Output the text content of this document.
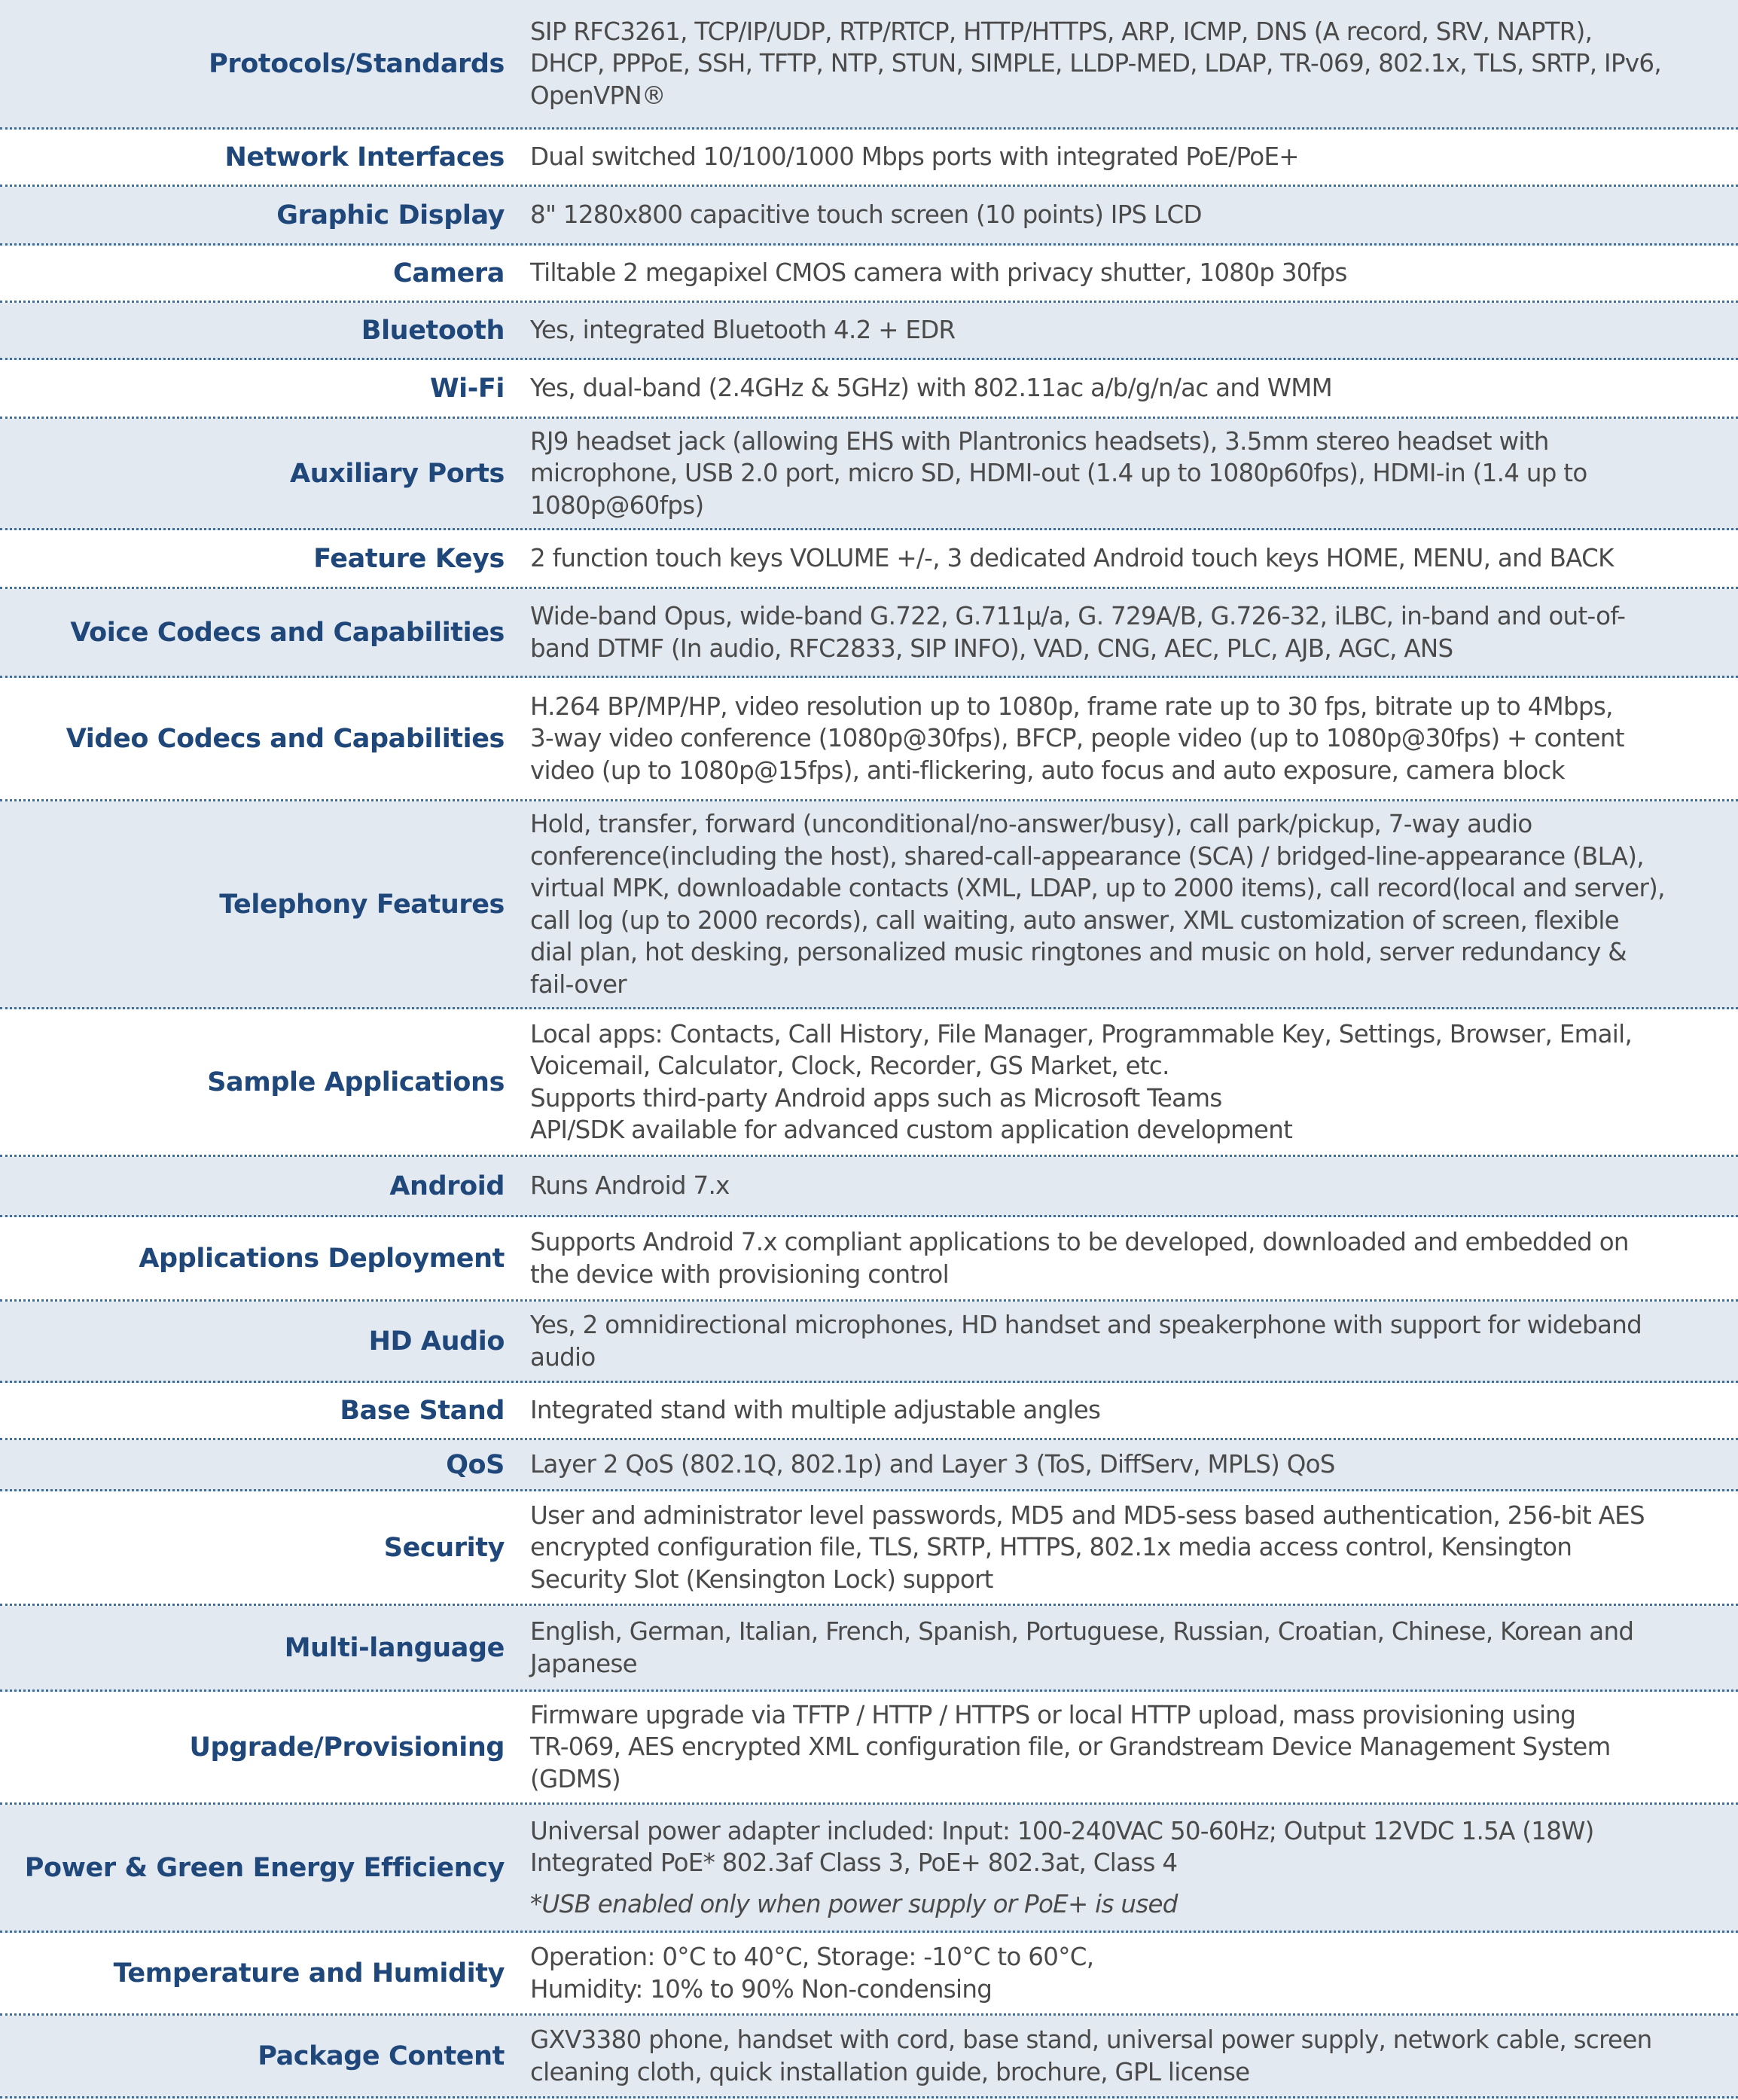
Protocols/Standards
SIP RFC3261, TCP/IP/UDP, RTP/RTCP, HTTP/HTTPS, ARP, ICMP, DNS (A record, SRV, NAPTR),
DHCP, PPPoE, SSH, TFTP, NTP, STUN, SIMPLE, LLDP-MED, LDAP, TR-069, 802.1x, TLS, SRTP, IPv6,
OpenVPN®
Network Interfaces Dual switched 10/100/1000 Mbps ports with integrated PoE/PoE+
Graphic Display 8" 1280x800 capacitive touch screen (10 points) IPS LCD
Camera Tiltable 2 megapixel CMOS camera with privacy shutter, 1080p 30fps
Bluetooth Yes, integrated Bluetooth 4.2 + EDR
Wi-Fi Yes, dual-band (2.4GHz & 5GHz) with 802.11ac a/b/g/n/ac and WMM
Auxiliary Ports
RJ9 headset jack (allowing EHS with Plantronics headsets), 3.5mm stereo headset with
microphone, USB 2.0 port, micro SD, HDMI-out (1.4 up to 1080p60fps), HDMI-in (1.4 up to
1080p@60fps)
Feature Keys 2 function touch keys VOLUME +/-, 3 dedicated Android touch keys HOME, MENU, and BACK
Voice Codecs and Capabilities
Wide-band Opus, wide-band G.722, G.711µ/a, G. 729A/B, G.726-32, iLBC, in-band and out-of-
band DTMF (In audio, RFC2833, SIP INFO), VAD, CNG, AEC, PLC, AJB, AGC, ANS
Video Codecs and Capabilities
H.264 BP/MP/HP, video resolution up to 1080p, frame rate up to 30 fps, bitrate up to 4Mbps,
3-way video conference (1080p@30fps), BFCP, people video (up to 1080p@30fps) + content
video (up to 1080p@15fps), anti-flickering, auto focus and auto exposure, camera block
Telephony Features
Hold, transfer, forward (unconditional/no-answer/busy), call park/pickup, 7-way audio
conference(including the host), shared-call-appearance (SCA) / bridged-line-appearance (BLA),
virtual MPK, downloadable contacts (XML, LDAP, up to 2000 items), call record(local and server),
call log (up to 2000 records), call waiting, auto answer, XML customization of screen, flexible
dial plan, hot desking, personalized music ringtones and music on hold, server redundancy &
fail-over
Sample Applications
Local apps: Contacts, Call History, File Manager, Programmable Key, Settings, Browser, Email,
Voicemail, Calculator, Clock, Recorder, GS Market, etc.
Supports third-party Android apps such as Microsoft Teams
API/SDK available for advanced custom application development
Android Runs Android 7.x
Applications Deployment
Supports Android 7.x compliant applications to be developed, downloaded and embedded on
the device with provisioning control
HD Audio
Yes, 2 omnidirectional microphones, HD handset and speakerphone with support for wideband
audio
Base Stand Integrated stand with multiple adjustable angles
QoS Layer 2 QoS (802.1Q, 802.1p) and Layer 3 (ToS, DiffServ, MPLS) QoS
Security
User and administrator level passwords, MD5 and MD5-sess based authentication, 256-bit AES
encrypted configuration file, TLS, SRTP, HTTPS, 802.1x media access control, Kensington
Security Slot (Kensington Lock) support
Multi-language
English, German, Italian, French, Spanish, Portuguese, Russian, Croatian, Chinese, Korean and
Japanese
Upgrade/Provisioning
Firmware upgrade via TFTP / HTTP / HTTPS or local HTTP upload, mass provisioning using
TR-069, AES encrypted XML configuration file, or Grandstream Device Management System
(GDMS)
Power & Green Energy Efficiency
Universal power adapter included: Input: 100-240VAC 50-60Hz; Output 12VDC 1.5A (18W)
Integrated PoE* 802.3af Class 3, PoE+ 802.3at, Class 4
*USB enabled only when power supply or PoE+ is used
Temperature and Humidity
Operation: 0°C to 40°C, Storage: -10°C to 60°C,
Humidity: 10% to 90% Non-condensing
Package Content
GXV3380 phone, handset with cord, base stand, universal power supply, network cable, screen
cleaning cloth, quick installation guide, brochure, GPL license
